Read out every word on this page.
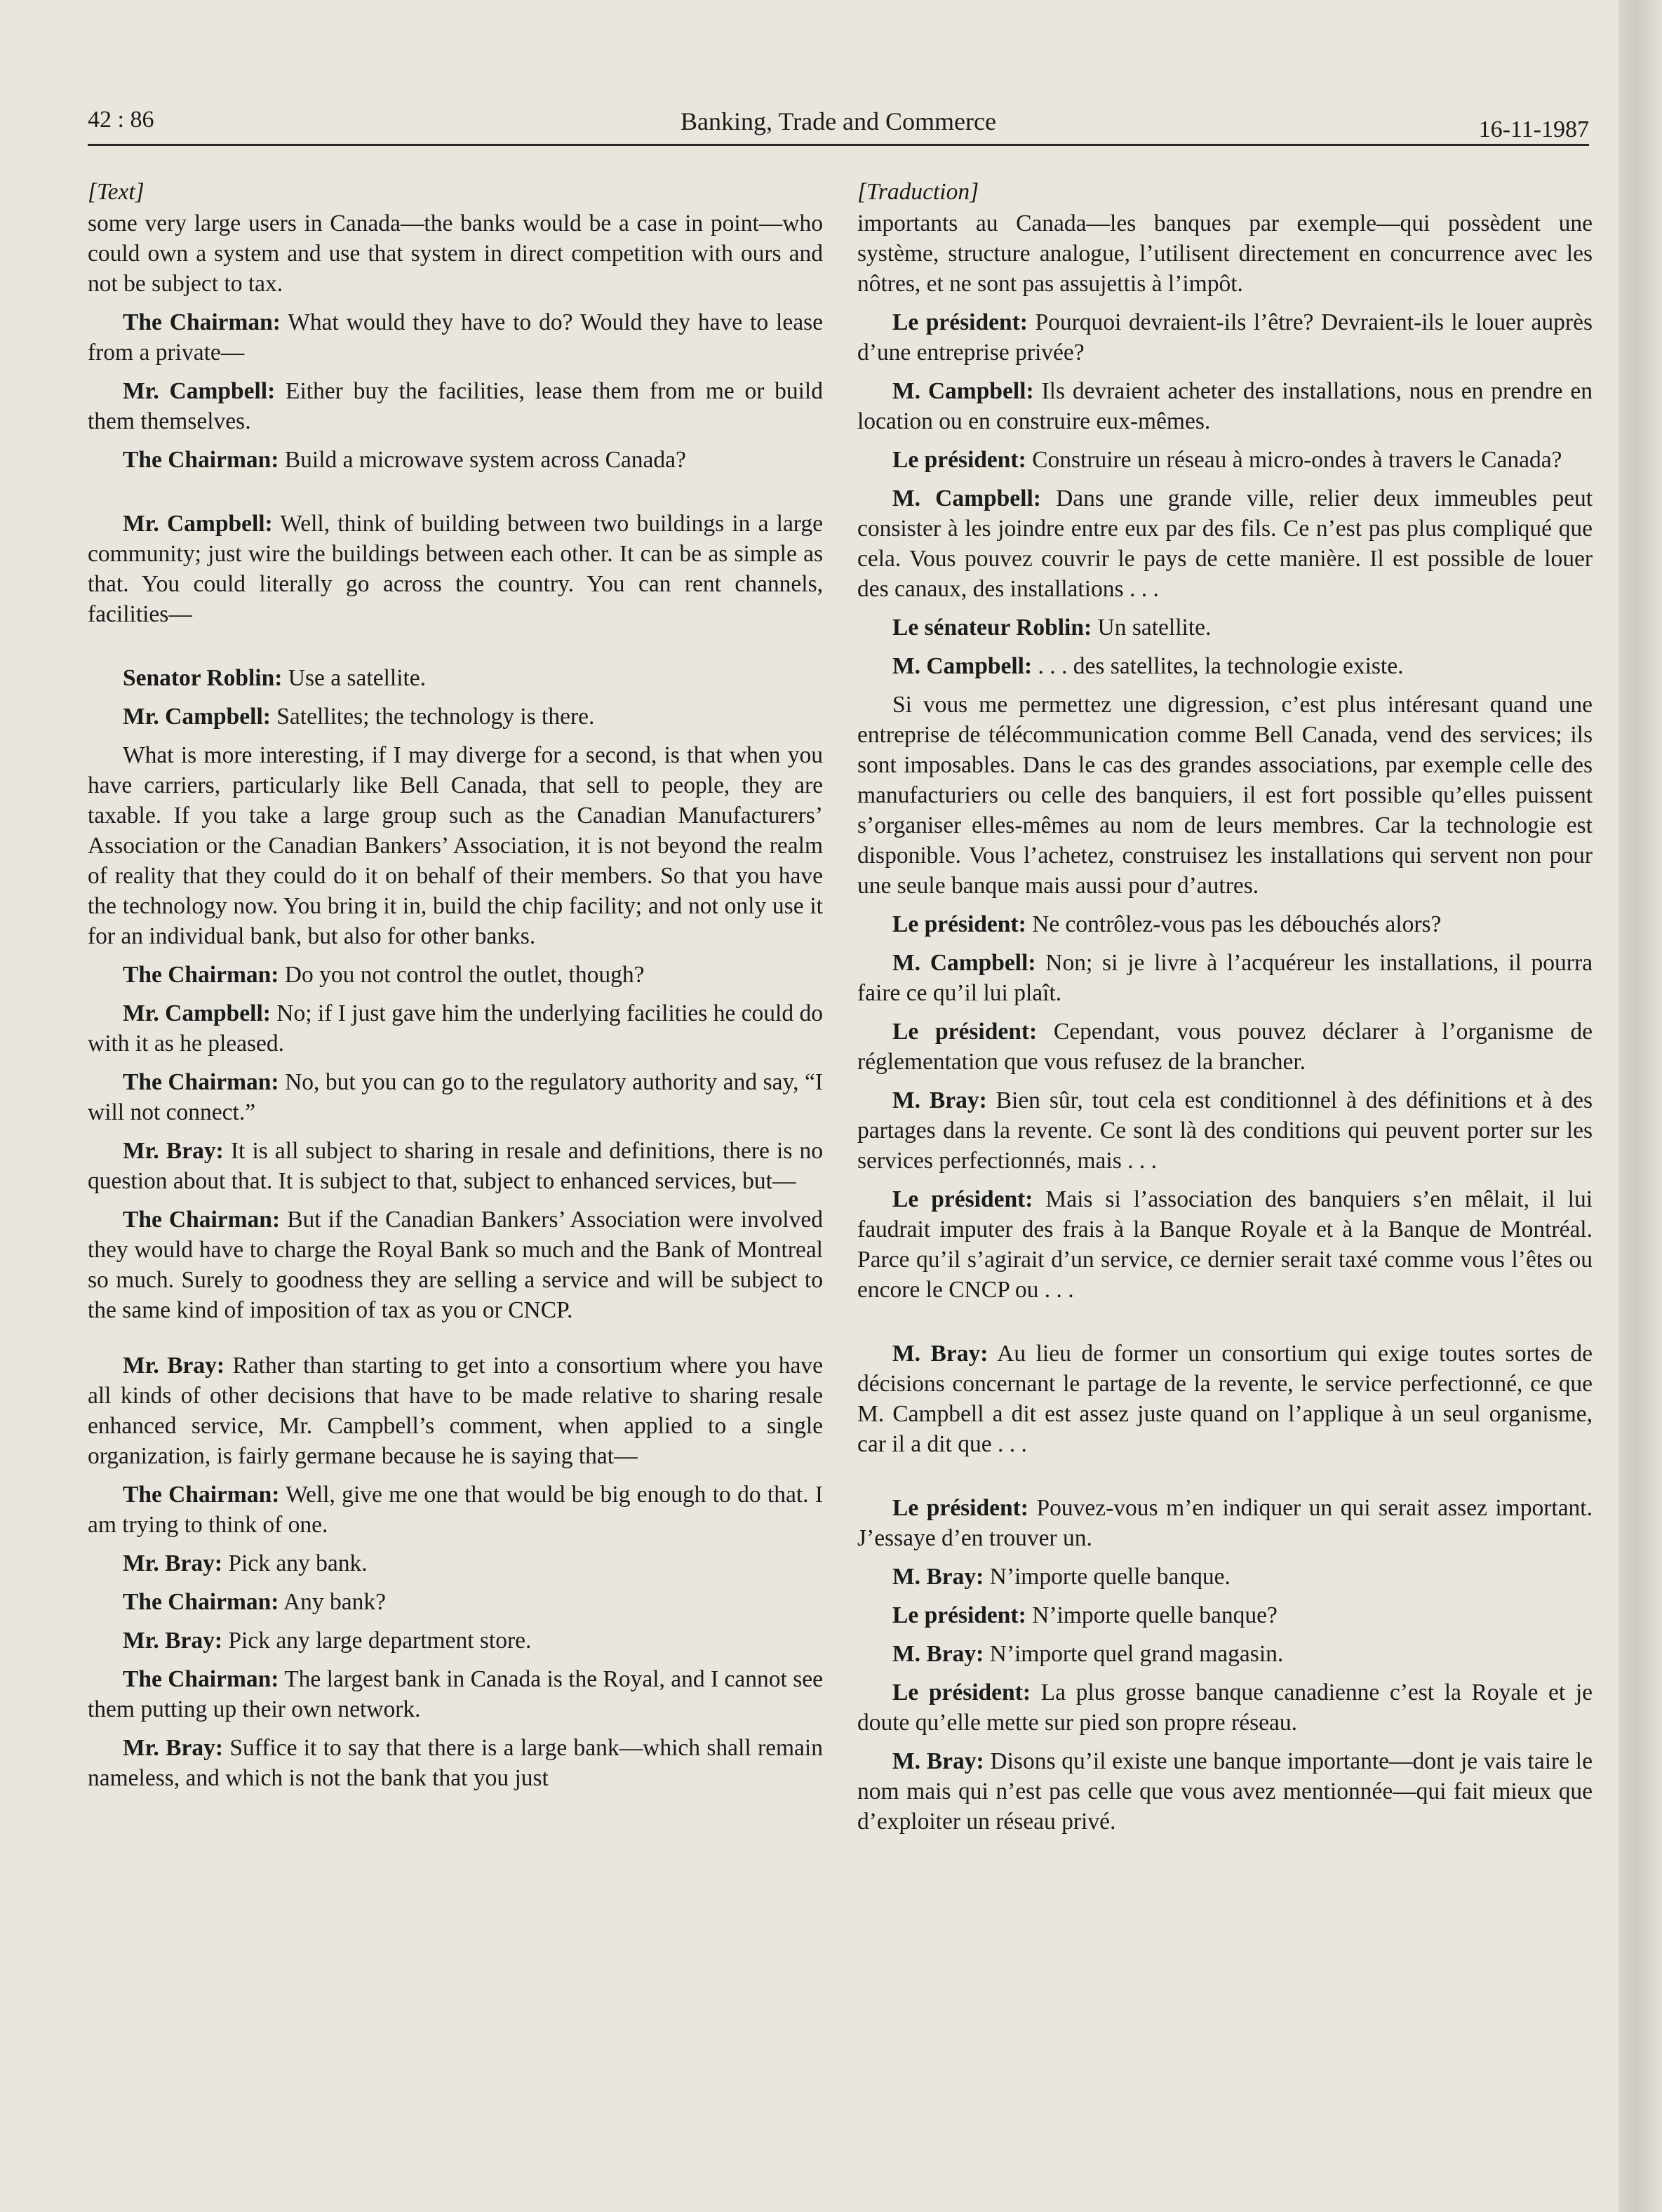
42 : 86	Banking, Trade and Commerce	16-11-1987
[Text]

some very large users in Canada—the banks would be a case in point—who could own a system and use that system in direct competition with ours and not be subject to tax.

The Chairman: What would they have to do? Would they have to lease from a private—

Mr. Campbell: Either buy the facilities, lease them from me or build them themselves.

The Chairman: Build a microwave system across Canada?

Mr. Campbell: Well, think of building between two buildings in a large community; just wire the buildings between each other. It can be as simple as that. You could literally go across the country. You can rent channels, facilities—

Senator Roblin: Use a satellite.

Mr. Campbell: Satellites; the technology is there.

What is more interesting, if I may diverge for a second, is that when you have carriers, particularly like Bell Canada, that sell to people, they are taxable. If you take a large group such as the Canadian Manufacturers’ Association or the Canadian Bankers’ Association, it is not beyond the realm of reality that they could do it on behalf of their members. So that you have the technology now. You bring it in, build the chip facility; and not only use it for an individual bank, but also for other banks.

The Chairman: Do you not control the outlet, though?

Mr. Campbell: No; if I just gave him the underlying facilities he could do with it as he pleased.

The Chairman: No, but you can go to the regulatory authority and say, “I will not connect.”

Mr. Bray: It is all subject to sharing in resale and definitions, there is no question about that. It is subject to that, subject to enhanced services, but—

The Chairman: But if the Canadian Bankers’ Association were involved they would have to charge the Royal Bank so much and the Bank of Montreal so much. Surely to goodness they are selling a service and will be subject to the same kind of imposition of tax as you or CNCP.

Mr. Bray: Rather than starting to get into a consortium where you have all kinds of other decisions that have to be made relative to sharing resale enhanced service, Mr. Campbell’s comment, when applied to a single organization, is fairly germane because he is saying that—

The Chairman: Well, give me one that would be big enough to do that. I am trying to think of one.

Mr. Bray: Pick any bank.

The Chairman: Any bank?

Mr. Bray: Pick any large department store.

The Chairman: The largest bank in Canada is the Royal, and I cannot see them putting up their own network.

Mr. Bray: Suffice it to say that there is a large bank—which shall remain nameless, and which is not the bank that you just

[Traduction]

importants au Canada—les banques par exemple—qui possèdent une système, structure analogue, l’utilisent directement en concurrence avec les nôtres, et ne sont pas assujettis à l’impôt.

Le président: Pourquoi devraient-ils l’être? Devraient-ils le louer auprès d’une entreprise privée?

M. Campbell: Ils devraient acheter des installations, nous en prendre en location ou en construire eux-mêmes.

Le président: Construire un réseau à micro-ondes à travers le Canada?

M. Campbell: Dans une grande ville, relier deux immeubles peut consister à les joindre entre eux par des fils. Ce n’est pas plus compliqué que cela. Vous pouvez couvrir le pays de cette manière. Il est possible de louer des canaux, des installations . . .

Le sénateur Roblin: Un satellite.

M. Campbell: . . . des satellites, la technologie existe.

Si vous me permettez une digression, c’est plus intéresant quand une entreprise de télécommunication comme Bell Canada, vend des services; ils sont imposables. Dans le cas des grandes associations, par exemple celle des manufacturiers ou celle des banquiers, il est fort possible qu’elles puissent s’organiser elles-mêmes au nom de leurs membres. Car la technologie est disponible. Vous l’achetez, construisez les installations qui servent non pour une seule banque mais aussi pour d’autres.

Le président: Ne contrôlez-vous pas les débouchés alors?

M. Campbell: Non; si je livre à l’acquéreur les installations, il pourra faire ce qu’il lui plaît.

Le président: Cependant, vous pouvez déclarer à l’organisme de réglementation que vous refusez de la brancher.

M. Bray: Bien sûr, tout cela est conditionnel à des définitions et à des partages dans la revente. Ce sont là des conditions qui peuvent porter sur les services perfectionnés, mais . . .

Le président: Mais si l’association des banquiers s’en mêlait, il lui faudrait imputer des frais à la Banque Royale et à la Banque de Montréal. Parce qu’il s’agirait d’un service, ce dernier serait taxé comme vous l’êtes ou encore le CNCP ou . . .

M. Bray: Au lieu de former un consortium qui exige toutes sortes de décisions concernant le partage de la revente, le service perfectionné, ce que M. Campbell a dit est assez juste quand on l’applique à un seul organisme, car il a dit que . . .

Le président: Pouvez-vous m’en indiquer un qui serait assez important. J’essaye d’en trouver un.

M. Bray: N’importe quelle banque.

Le président: N’importe quelle banque?

M. Bray: N’importe quel grand magasin.

Le président: La plus grosse banque canadienne c’est la Royale et je doute qu’elle mette sur pied son propre réseau.

M. Bray: Disons qu’il existe une banque importante—dont je vais taire le nom mais qui n’est pas celle que vous avez mentionnée—qui fait mieux que d’exploiter un réseau privé.
